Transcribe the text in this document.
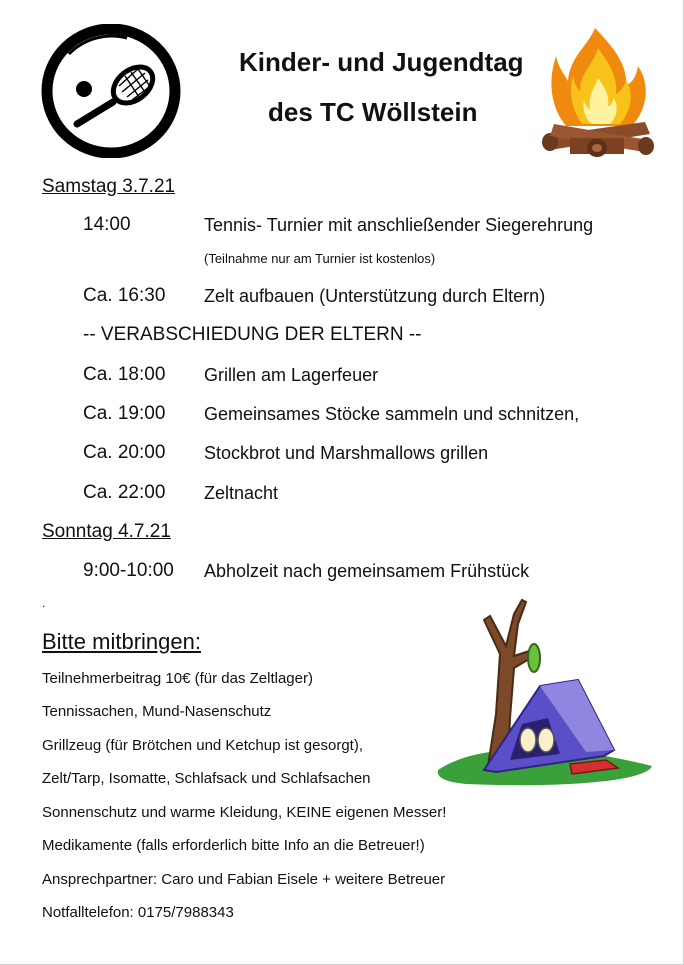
Kinder- und Jugendtag
des TC Wöllstein
Samstag 3.7.21
14:00	Tennis- Turnier mit anschließender Siegerehrung
(Teilnahme nur am Turnier ist kostenlos)
Ca. 16:30 Zelt aufbauen (Unterstützung durch Eltern)
-- VERABSCHIEDUNG DER ELTERN --
Ca. 18:00 Grillen am Lagerfeuer
Ca. 19:00 Gemeinsames Stöcke sammeln und schnitzen,
Ca. 20:00 Stockbrot und Marshmallows grillen
Ca. 22:00 Zeltnacht
Sonntag 4.7.21
9:00-10:00 Abholzeit nach gemeinsamem Frühstück
.
Bitte mitbringen:
Teilnehmerbeitrag 10€ (für das Zeltlager)
Tennissachen, Mund-Nasenschutz
Grillzeug (für Brötchen und Ketchup ist gesorgt),
Zelt/Tarp, Isomatte, Schlafsack und Schlafsachen
Sonnenschutz und warme Kleidung, KEINE eigenen Messer!
Medikamente (falls erforderlich bitte Info an die Betreuer!)
Ansprechpartner: Caro und Fabian Eisele + weitere Betreuer
Notfalltelefon: 0175/7988343
